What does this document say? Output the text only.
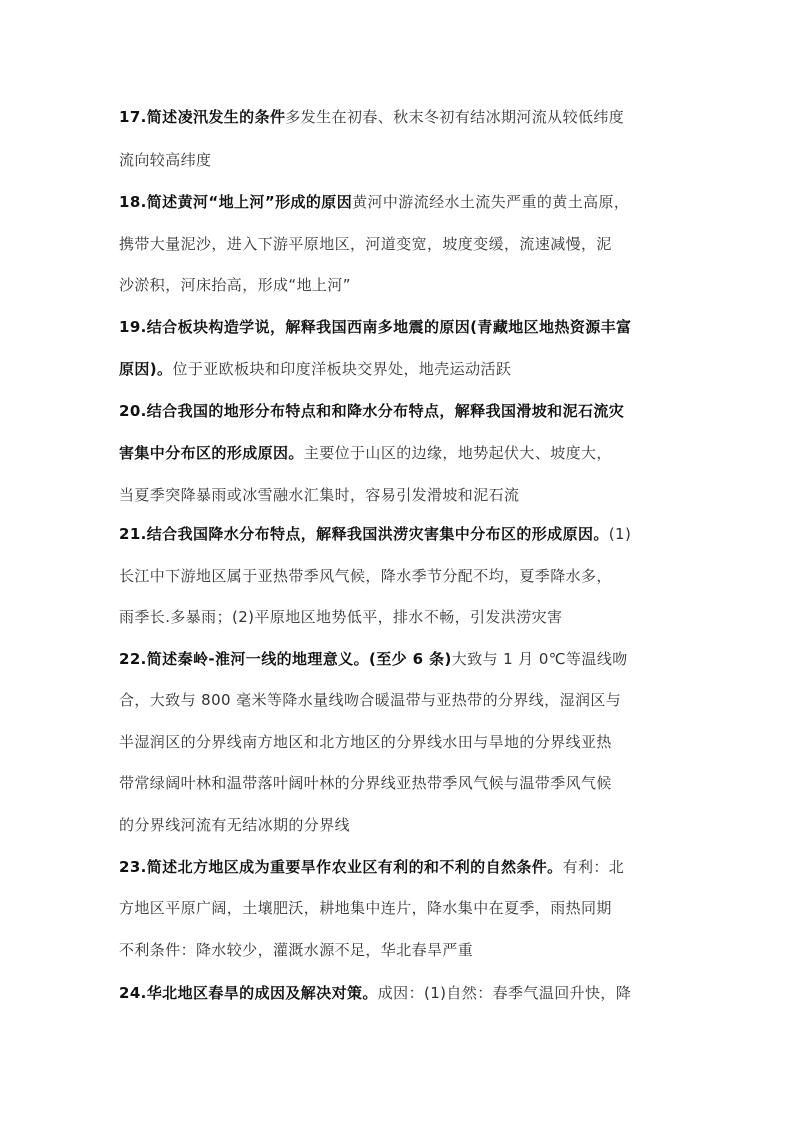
17.简述凌汛发生的条件多发生在初春、秋末冬初有结冰期河流从较低纬度
流向较高纬度
18.简述黄河“地上河”形成的原因黄河中游流经水土流失严重的黄土高原，
携带大量泥沙，进入下游平原地区，河道变宽，坡度变缓，流速减慢，泥
沙淤积，河床抬高，形成“地上河”
19.结合板块构造学说，解释我国西南多地震的原因(青藏地区地热资源丰富
原因)。位于亚欧板块和印度洋板块交界处，地壳运动活跃
20.结合我国的地形分布特点和和降水分布特点，解释我国滑坡和泥石流灾
害集中分布区的形成原因。主要位于山区的边缘，地势起伏大、坡度大，
当夏季突降暴雨或冰雪融水汇集时，容易引发滑坡和泥石流
21.结合我国降水分布特点，解释我国洪涝灾害集中分布区的形成原因。(1)
长江中下游地区属于亚热带季风气候，降水季节分配不均，夏季降水多，
雨季长.多暴雨；(2)平原地区地势低平，排水不畅，引发洪涝灾害
22.简述秦岭-淮河一线的地理意义。(至少 6 条)大致与 1 月 0℃等温线吻
合，大致与 800 毫米等降水量线吻合暖温带与亚热带的分界线，湿润区与
半湿润区的分界线南方地区和北方地区的分界线水田与旱地的分界线亚热
带常绿阔叶林和温带落叶阔叶林的分界线亚热带季风气候与温带季风气候
的分界线河流有无结冰期的分界线
23.简述北方地区成为重要旱作农业区有利的和不利的自然条件。有利：北
方地区平原广阔，土壤肥沃，耕地集中连片，降水集中在夏季，雨热同期
不利条件：降水较少，灌溉水源不足，华北春旱严重
24.华北地区春旱的成因及解决对策。成因：(1)自然：春季气温回升快，降
